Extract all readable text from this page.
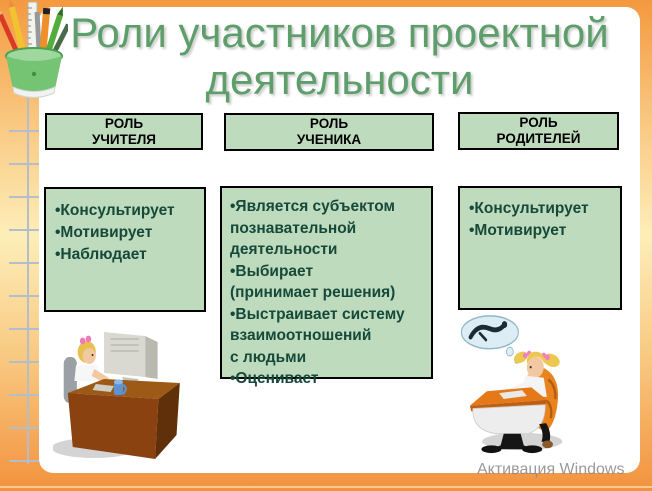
Роли участников проектной
деятельности
РОЛЬ
УЧИТЕЛЯ
РОЛЬ
УЧЕНИКА
РОЛЬ
РОДИТЕЛЕЙ
•Консультирует
•Мотивирует
•Наблюдает
•Является субъектом
познавательной
деятельности
•Выбирает
(принимает решения)
•Выстраивает систему
взаимоотношений
с людьми
•Оценивает
•Консультирует
•Мотивирует
Активация Windows
